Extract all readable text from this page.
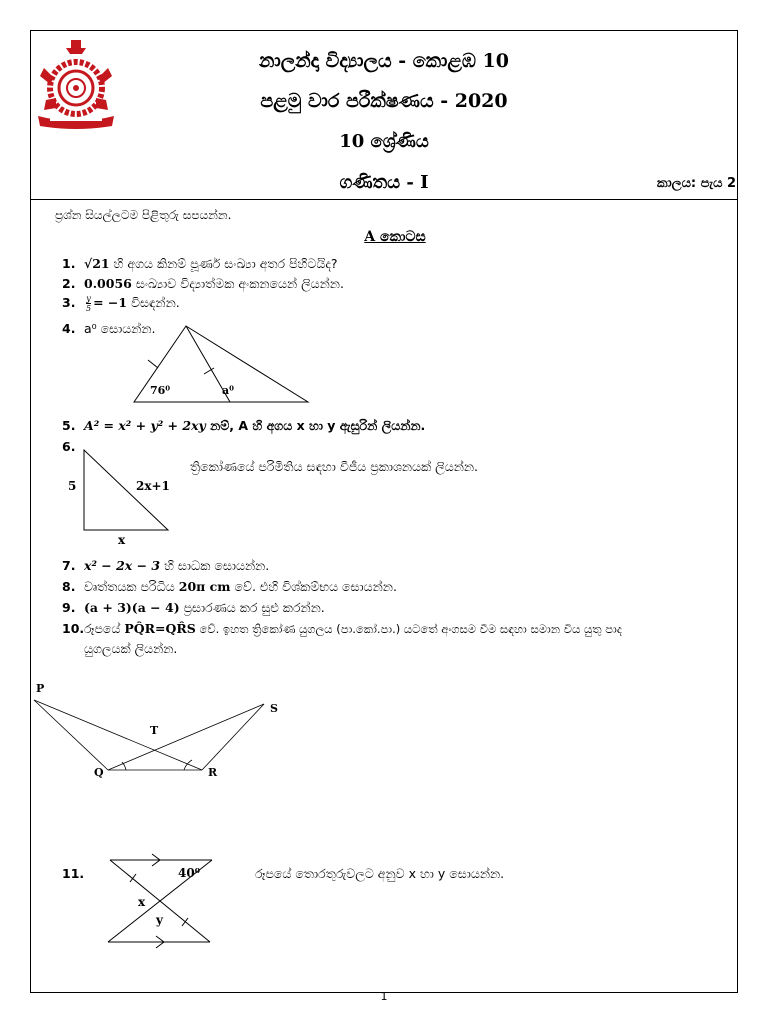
නාලන්දා විද්‍යාලය - කොළඹ 10
පළමු වාර පරීක්ෂණය - 2020
10 ශ්‍රේණිය
ගණිතය - I	කාලය: පැය 2
ප්‍රශ්න සියල්ලටම පිළිතුරු සපයන්න.
A කොටස
1. √21 හි අගය කිනම් පූර්ණ සංඛ්‍යා අතර පිහිටයිද?
2. 0.0056 සංඛ්‍යාව විද්‍යාත්මක අංකනයෙන් ලියන්න.
3. $\frac{y}{5} = -1$ විසඳන්න.
4. a⁰ සොයන්න.
76⁰	a⁰
5. A² = x² + y² + 2xy නම්, A හි අගය x හා y ඇසුරින් ලියන්න.
6.
ත්‍රිකෝණයේ පරිමිතිය සඳහා වීජීය ප්‍රකාශනයක් ලියන්න.
5	2x+1
x
7. x² − 2x − 3 හි සාධක සොයන්න.
8. වෘත්තයක පරිධිය 20π cm වේ. එහි විශ්කම්භය සොයන්න.
9. (a + 3)(a − 4) ප්‍රසාරණය කර සුළු කරන්න.
10.රූපයේ PQ̂R=QR̂S වේ. ඉහත ත්‍රිකෝණ යුගලය (පා.කෝ.පා.) යටතේ අංගසම වීම සඳහා සමාන විය යුතු පාද
යුගලයක් ලියන්න.
P
S
T
Q	R
11.	රූපයේ තොරතුරුවලට අනුව x හා y සොයන්න.
40⁰
x
y
1
